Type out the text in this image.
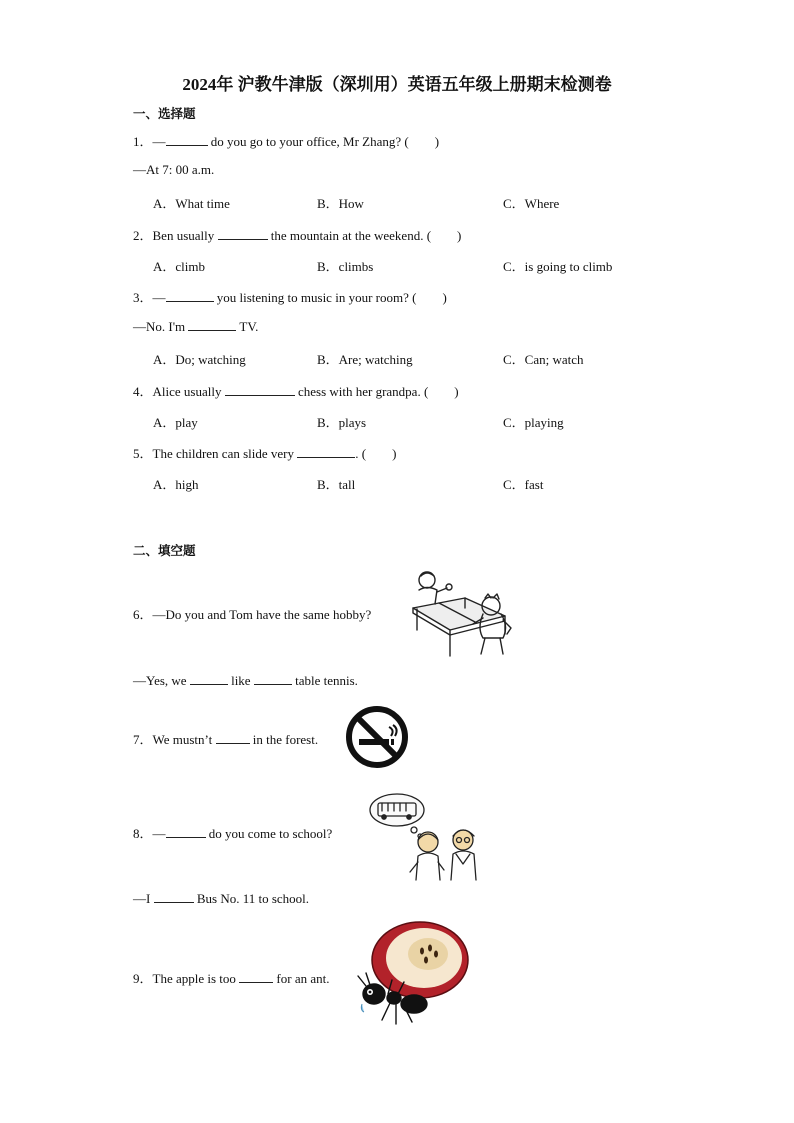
2024年 沪教牛津版（深圳用）英语五年级上册期末检测卷
一、选择题
1．—	do you go to your office, Mr Zhang? (　　)
—At 7: 00 a.m.
A．What time	B．How	C．Where
2．Ben usually	the mountain at the weekend. (　　)
A．climb	B．climbs	C．is going to climb
3．—	you listening to music in your room? (　　)
—No. I'm	TV.
A．Do; watching	B．Are; watching	C．Can; watch
4．Alice usually	chess with her grandpa. (　　)
A．play	B．plays	C．playing
5．The children can slide very	. (　　)
A．high	B．tall	C．fast
二、填空题
6．—Do you and Tom have the same hobby?
—Yes, we	like	table tennis.
7．We mustn’t	in the forest.
8．—	do you come to school?
—I	Bus No. 11 to school.
9．The apple is too	for an ant.
